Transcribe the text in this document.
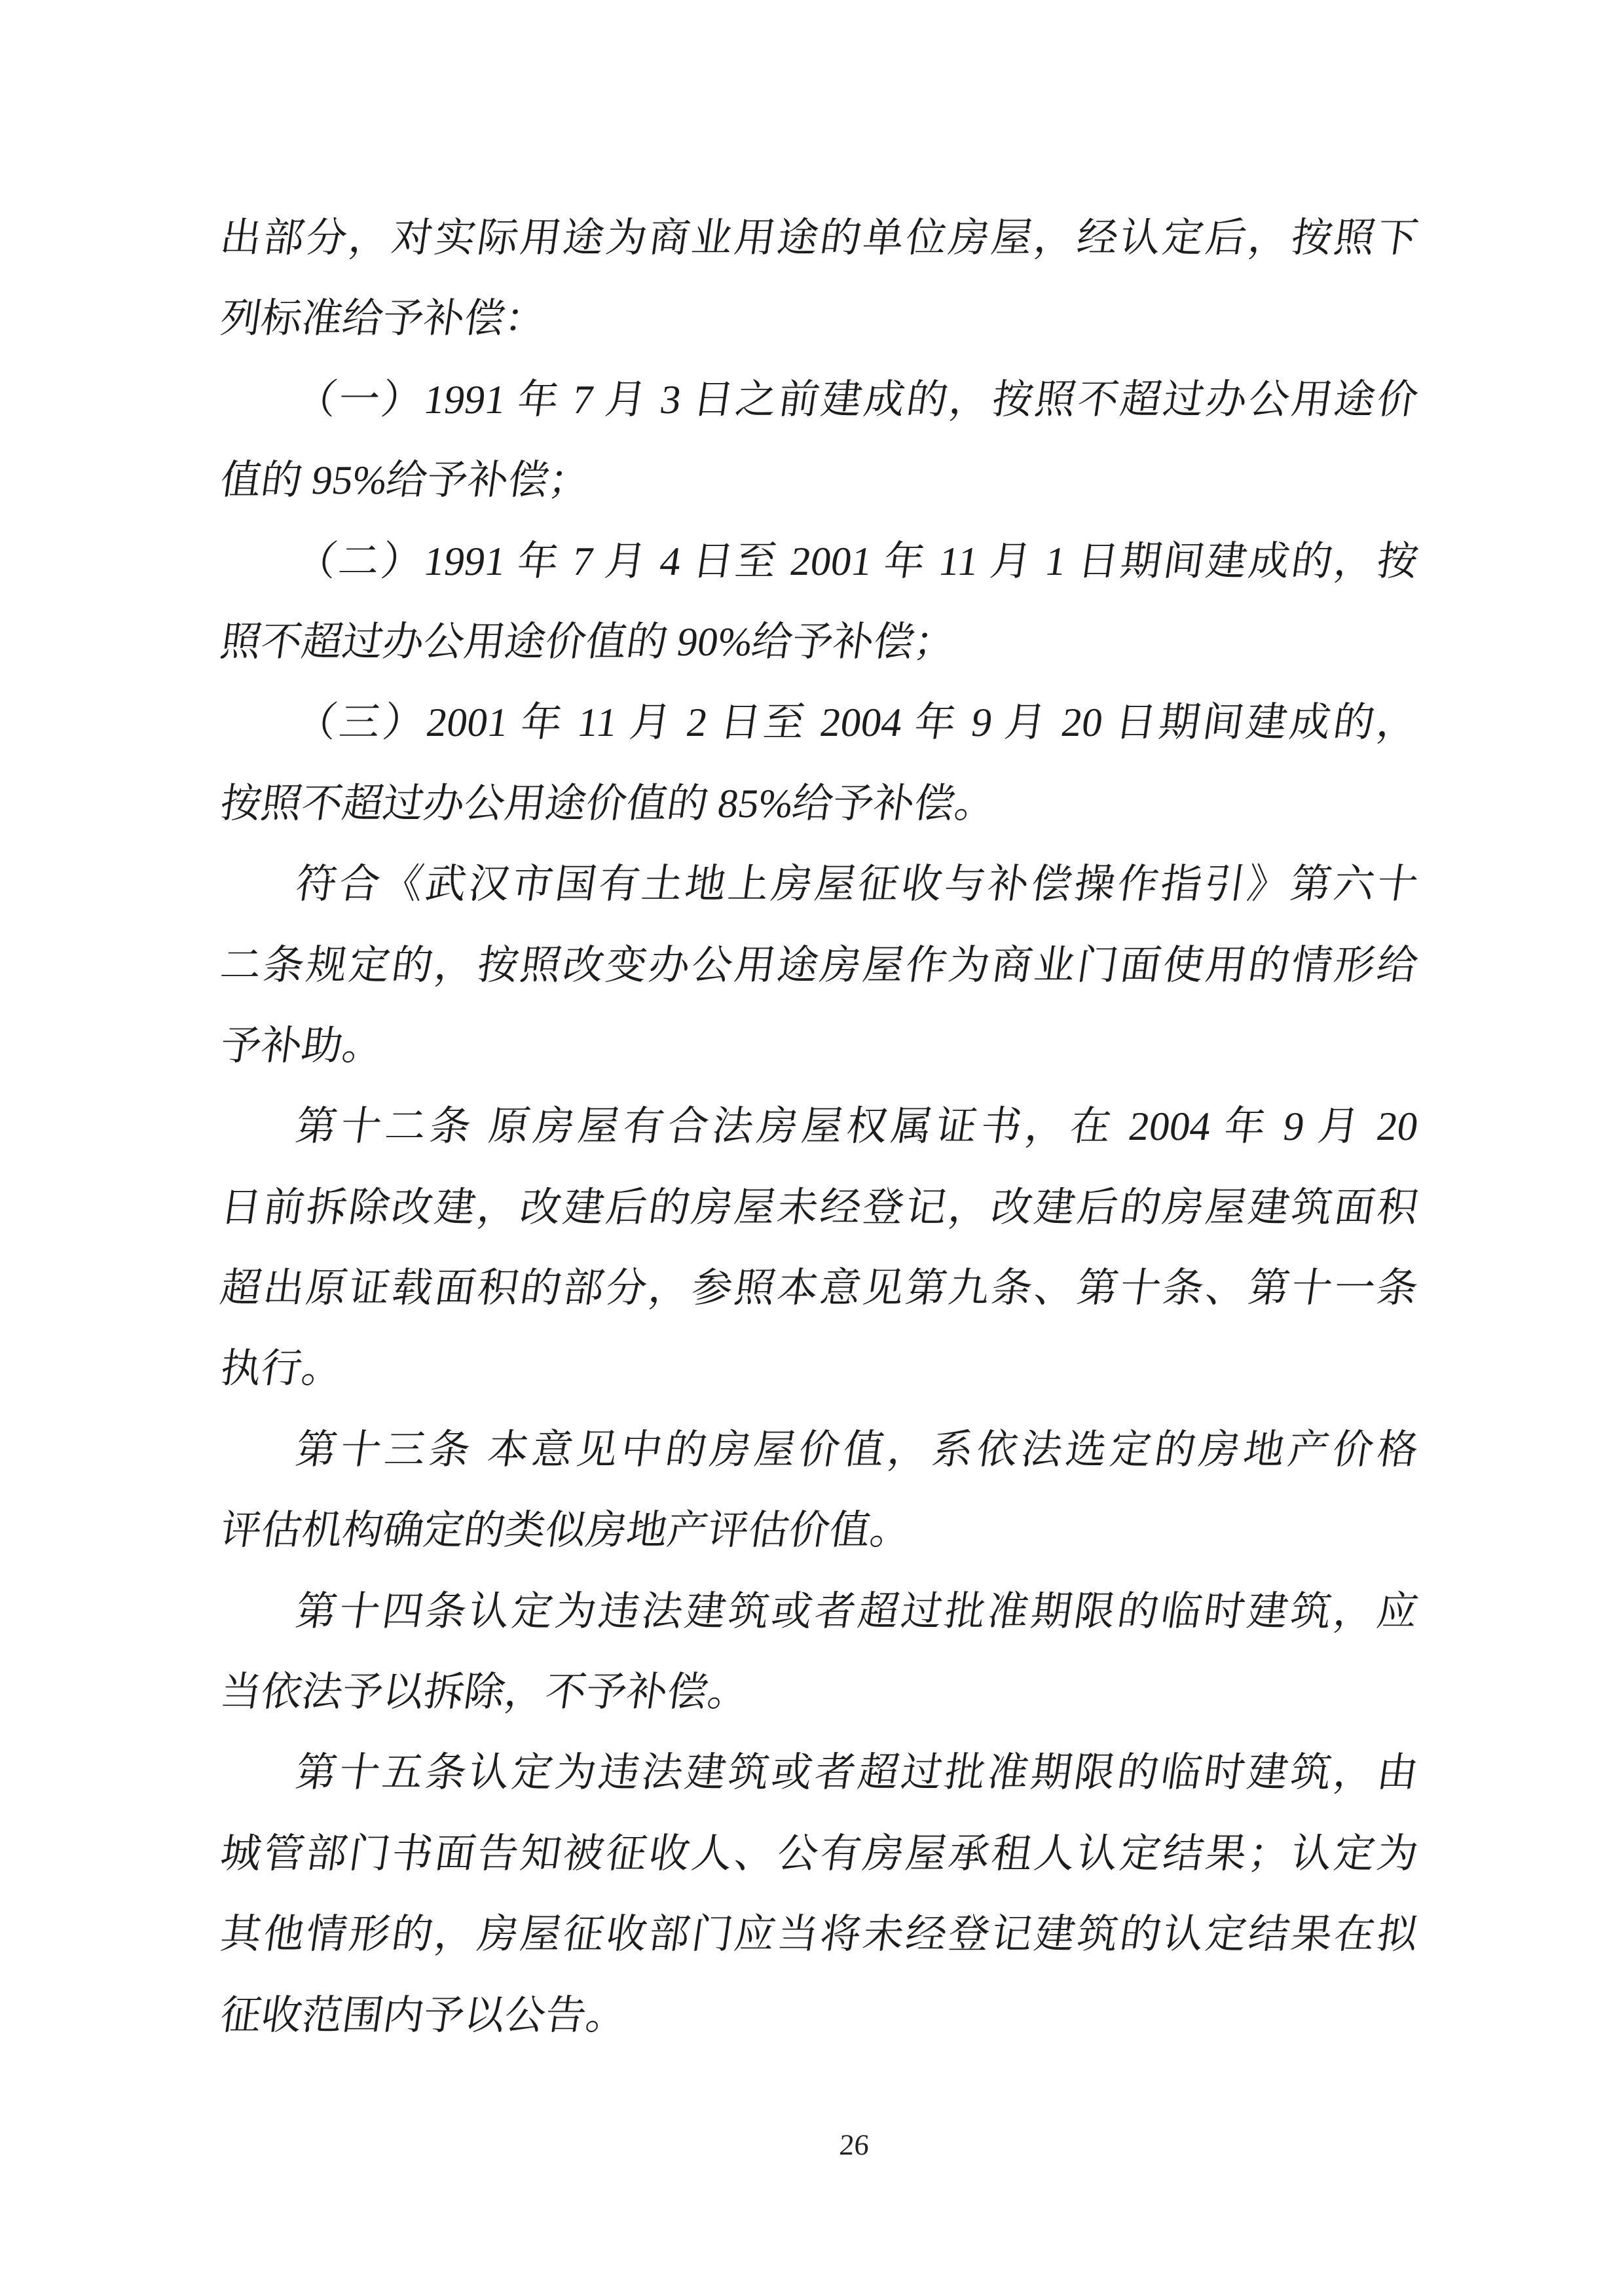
出部分，对实际用途为商业用途的单位房屋，经认定后，按照下
列标准给予补偿：
（一）1991 年 7 月 3 日之前建成的，按照不超过办公用途价
值的 95%给予补偿；
（二）1991 年 7 月 4 日至 2001 年 11 月 1 日期间建成的，按
照不超过办公用途价值的 90%给予补偿；
（三）2001 年 11 月 2 日至 2004 年 9 月 20 日期间建成的，
按照不超过办公用途价值的 85%给予补偿。
符合《武汉市国有土地上房屋征收与补偿操作指引》第六十
二条规定的，按照改变办公用途房屋作为商业门面使用的情形给
予补助。
第十二条 原房屋有合法房屋权属证书，在 2004 年 9 月 20
日前拆除改建，改建后的房屋未经登记，改建后的房屋建筑面积
超出原证载面积的部分，参照本意见第九条、第十条、第十一条
执行。
第十三条 本意见中的房屋价值，系依法选定的房地产价格
评估机构确定的类似房地产评估价值。
第十四条认定为违法建筑或者超过批准期限的临时建筑，应
当依法予以拆除，不予补偿。
第十五条认定为违法建筑或者超过批准期限的临时建筑，由
城管部门书面告知被征收人、公有房屋承租人认定结果；认定为
其他情形的，房屋征收部门应当将未经登记建筑的认定结果在拟
征收范围内予以公告。
26
